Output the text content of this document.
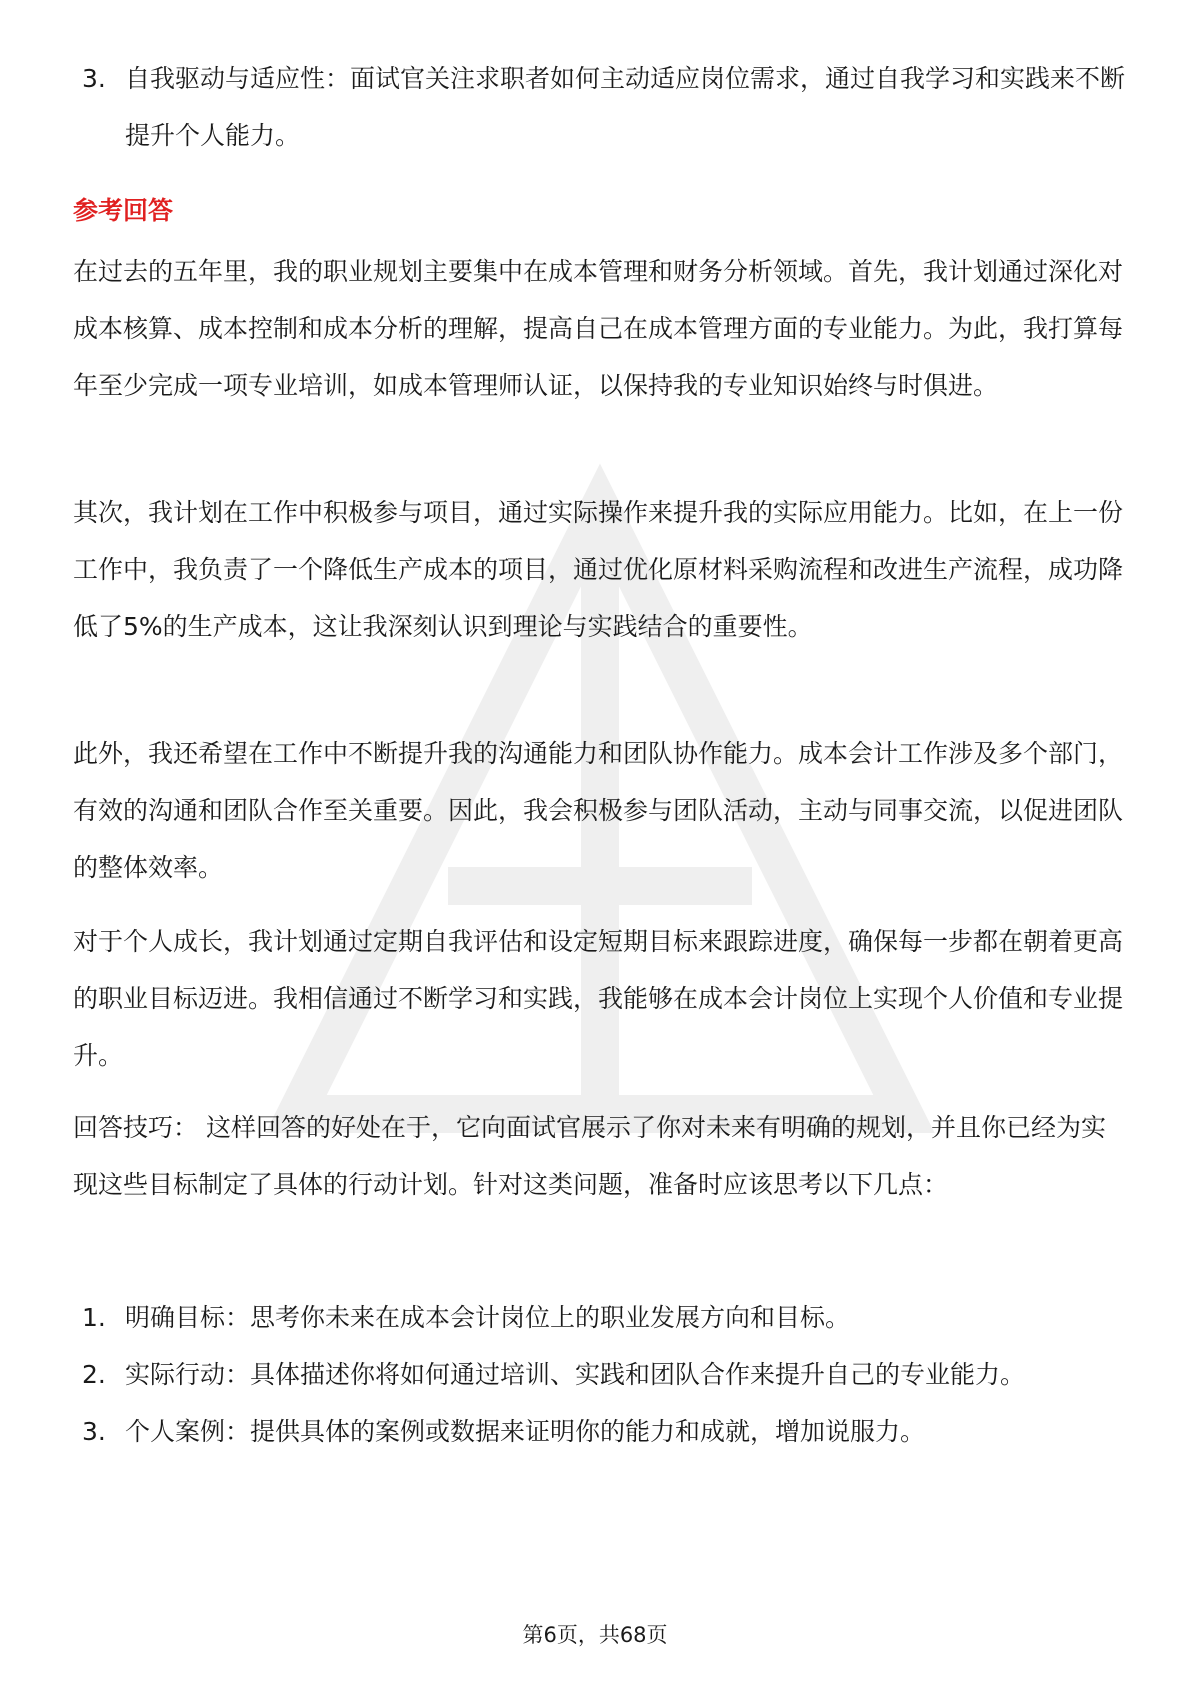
3. 自我驱动与适应性：面试官关注求职者如何主动适应岗位需求，通过自我学习和实践来不断提升个人能力。

参考回答

在过去的五年里，我的职业规划主要集中在成本管理和财务分析领域。首先，我计划通过深化对成本核算、成本控制和成本分析的理解，提高自己在成本管理方面的专业能力。为此，我打算每年至少完成一项专业培训，如成本管理师认证，以保持我的专业知识始终与时俱进。

其次，我计划在工作中积极参与项目，通过实际操作来提升我的实际应用能力。比如，在上一份工作中，我负责了一个降低生产成本的项目，通过优化原材料采购流程和改进生产流程，成功降低了5%的生产成本，这让我深刻认识到理论与实践结合的重要性。

此外，我还希望在工作中不断提升我的沟通能力和团队协作能力。成本会计工作涉及多个部门，有效的沟通和团队合作至关重要。因此，我会积极参与团队活动，主动与同事交流，以促进团队的整体效率。

对于个人成长，我计划通过定期自我评估和设定短期目标来跟踪进度，确保每一步都在朝着更高的职业目标迈进。我相信通过不断学习和实践，我能够在成本会计岗位上实现个人价值和专业提升。

回答技巧： 这样回答的好处在于，它向面试官展示了你对未来有明确的规划，并且你已经为实现这些目标制定了具体的行动计划。针对这类问题，准备时应该思考以下几点：

1. 明确目标：思考你未来在成本会计岗位上的职业发展方向和目标。

2. 实际行动：具体描述你将如何通过培训、实践和团队合作来提升自己的专业能力。

3. 个人案例：提供具体的案例或数据来证明你的能力和成就，增加说服力。

第6页，共68页
